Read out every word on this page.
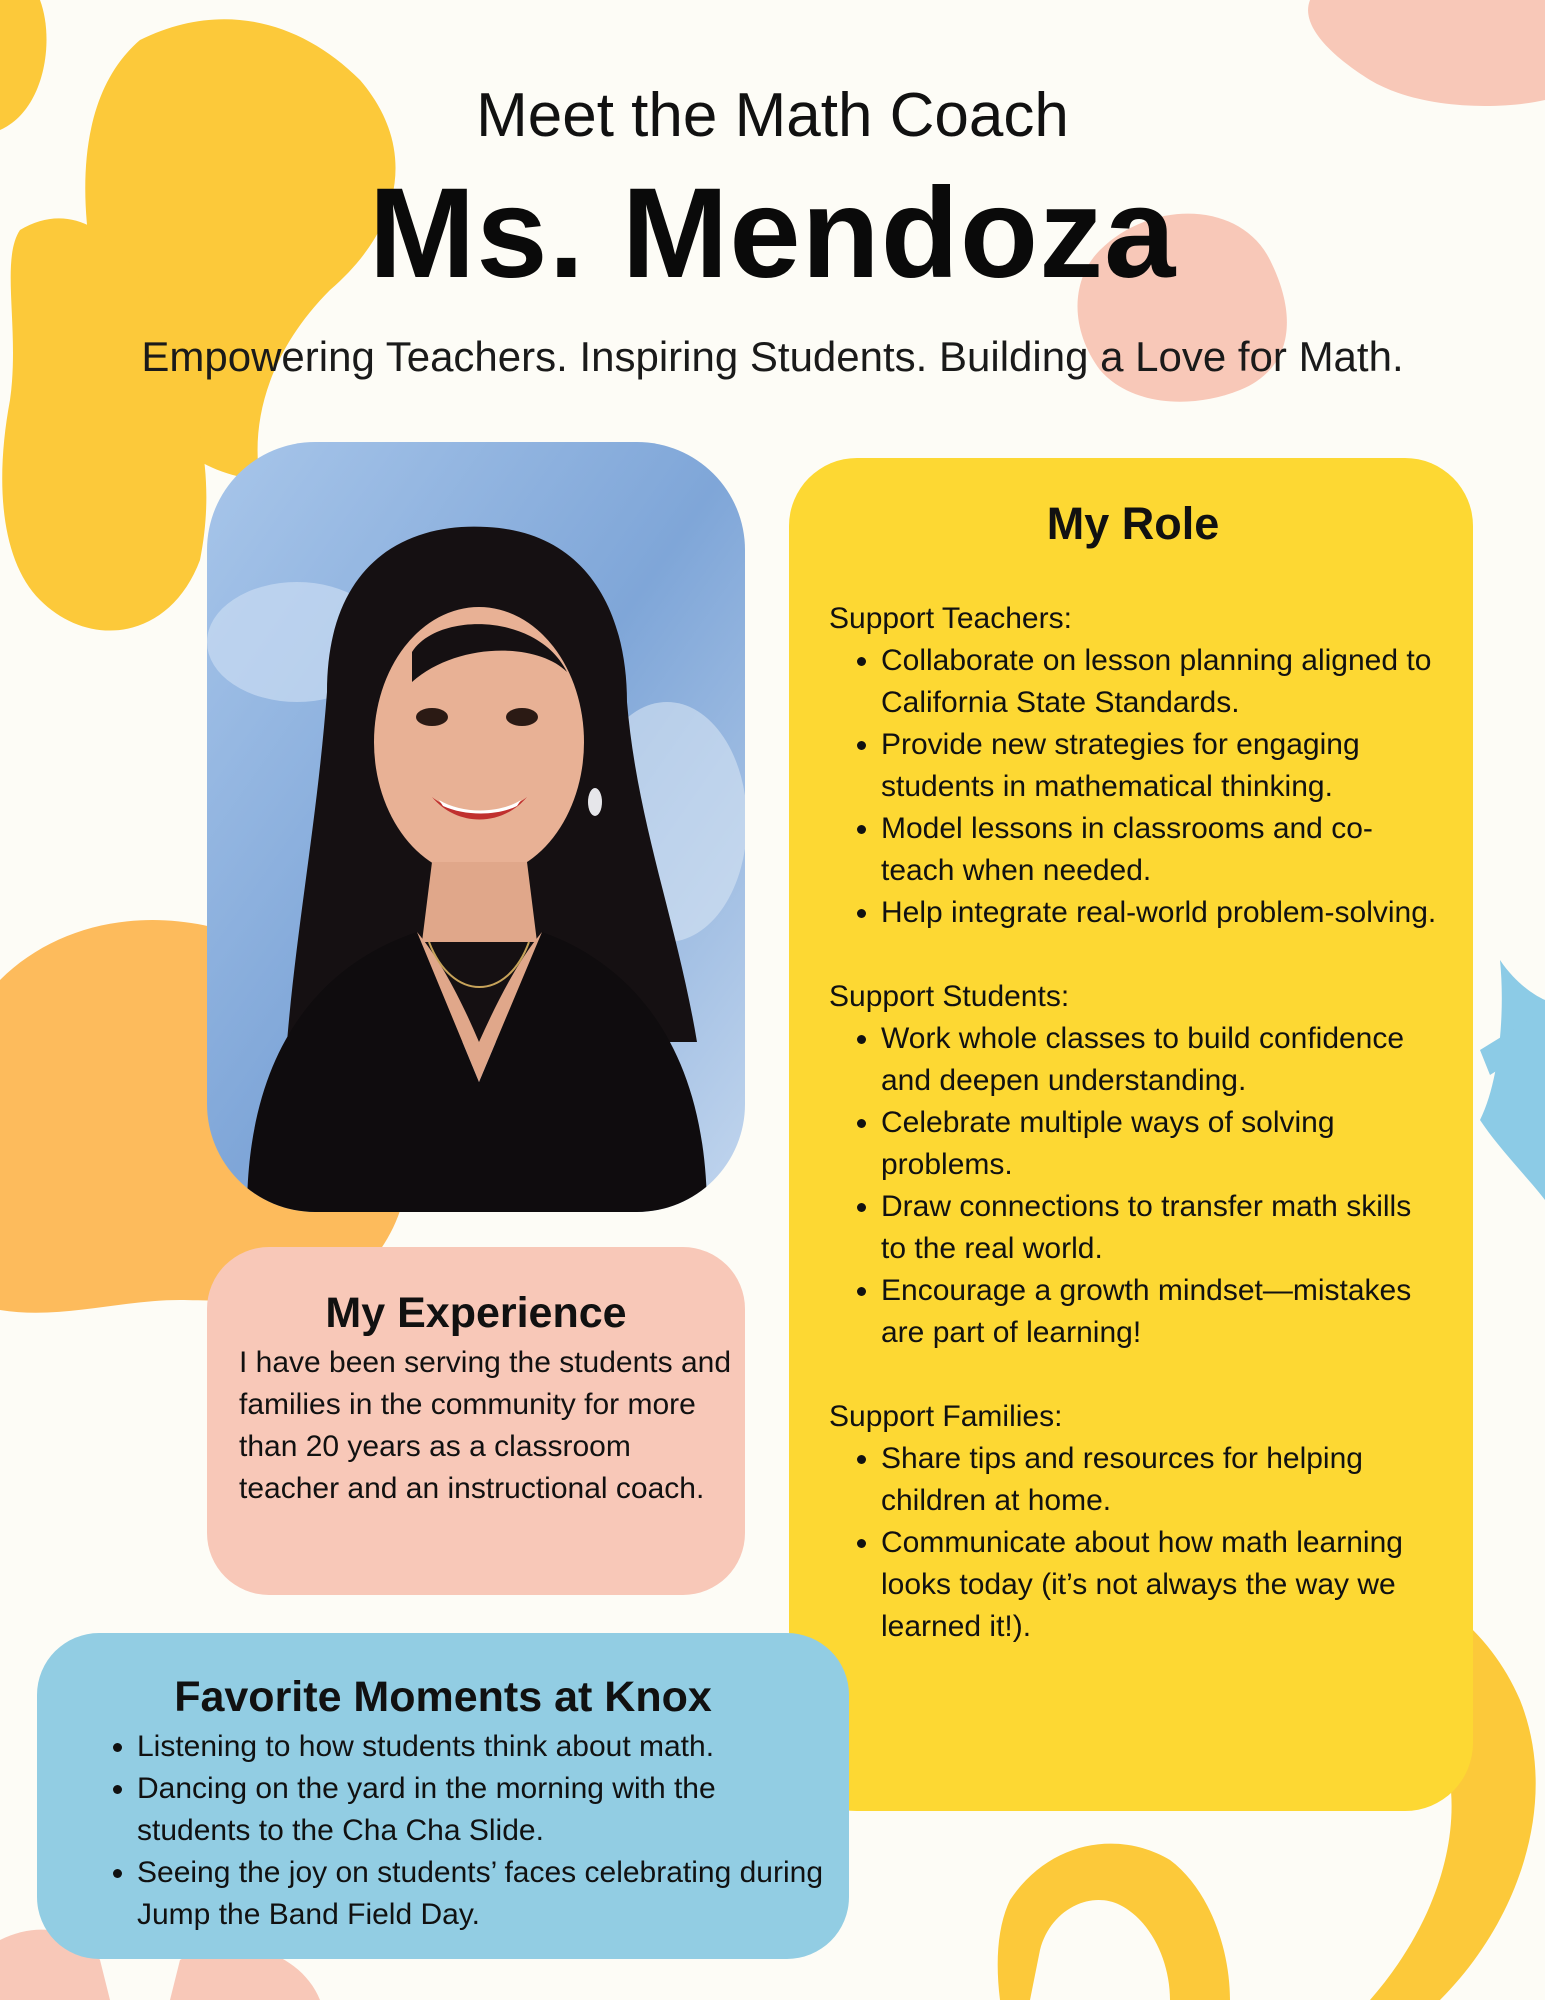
Meet the Math Coach
Ms. Mendoza
Empowering Teachers. Inspiring Students. Building a Love for Math.
My Role

Support Teachers:

• Collaborate on lesson planning aligned to California State Standards.
• Provide new strategies for engaging students in mathematical thinking.
• Model lessons in classrooms and co-teach when needed.
• Help integrate real-world problem-solving.

Support Students:

• Work whole classes to build confidence and deepen understanding.
• Celebrate multiple ways of solving problems.
• Draw connections to transfer math skills to the real world.
• Encourage a growth mindset—mistakes are part of learning!

Support Families:

• Share tips and resources for helping children at home.
• Communicate about how math learning looks today (it’s not always the way we learned it!).
My Experience

I have been serving the students and families in the community for more than 20 years as a classroom teacher and an instructional coach.

Favorite Moments at Knox
• Listening to how students think about math.
• Dancing on the yard in the morning with the students to the Cha Cha Slide.
• Seeing the joy on students’ faces celebrating during Jump the Band Field Day.
